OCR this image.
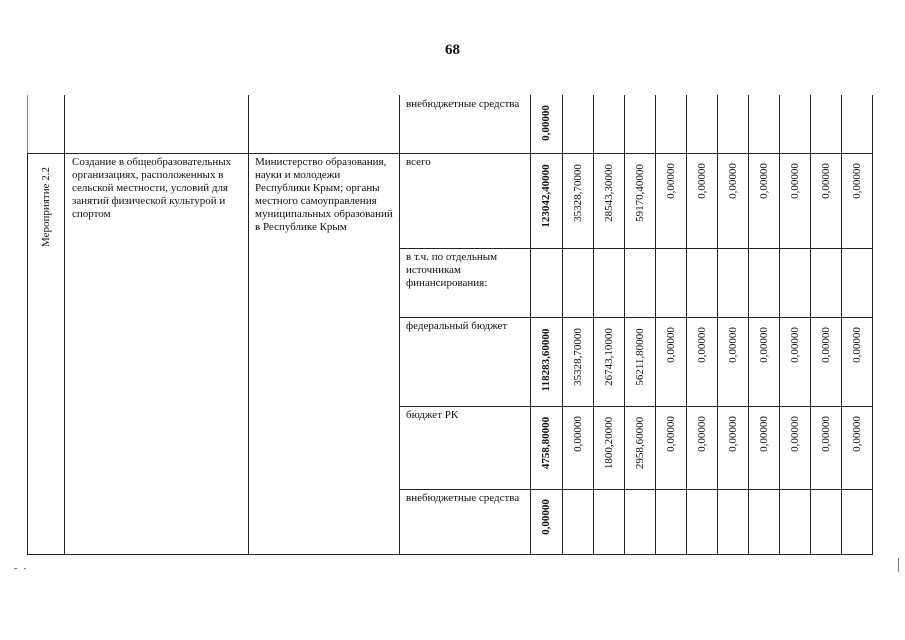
68
Мероприятие 2.2
Создание в общеобразовательных организациях, расположенных в сельской местности, условий для занятий физической культурой и спортом
Министерство образования, науки и молодежи Республики Крым; органы местного самоуправления муниципальных образований в Республике Крым
внебюджетные средства
0,00000
всего
123042,40000 35328,70000 28543,30000 59170,40000 0,00000 0,00000 0,00000 0,00000 0,00000 0,00000 0,00000
в т.ч. по отдельным источникам финансирования:
федеральный бюджет
118283,60000 35328,70000 26743,10000 56211,80000 0,00000 0,00000 0,00000 0,00000 0,00000 0,00000 0,00000
бюджет РК
4758,80000 0,00000 1800,20000 2958,60000 0,00000 0,00000 0,00000 0,00000 0,00000 0,00000 0,00000
внебюджетные средства
0,00000
